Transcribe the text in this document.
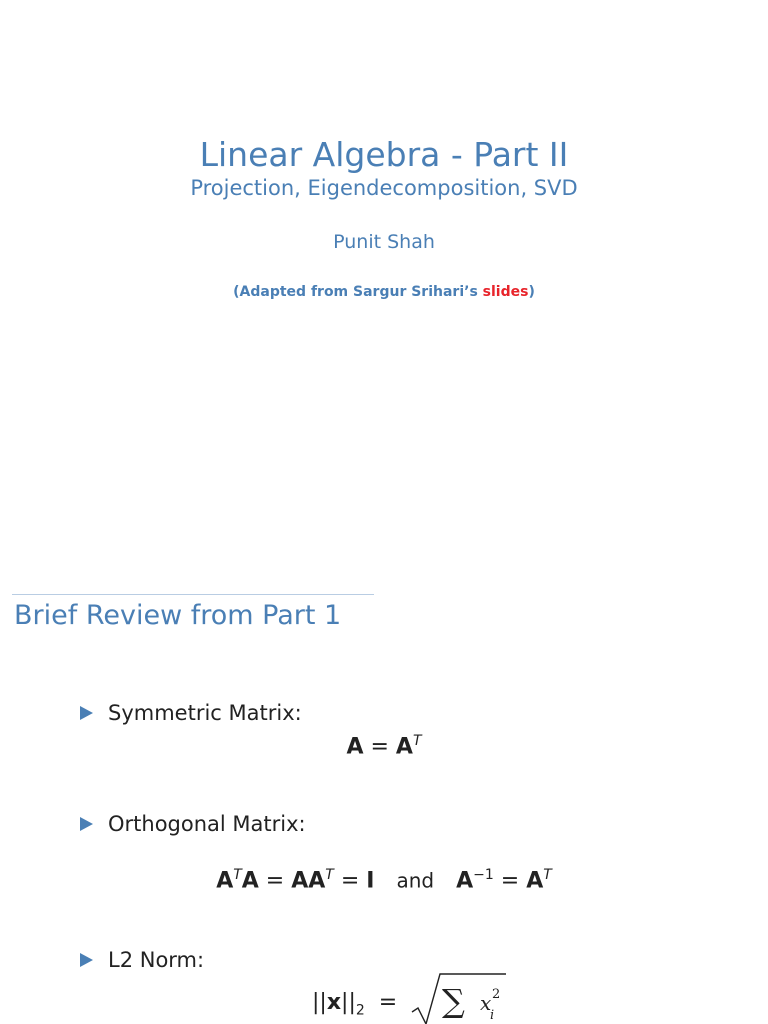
Linear Algebra - Part II
Projection, Eigendecomposition, SVD
Punit Shah
(Adapted from Sargur Srihari’s slides)
Brief Review from Part 1
Symmetric Matrix:
$A = A^T$
Orthogonal Matrix:
$A^TA = AA^T = I$ and $A^{-1} = A^T$
L2 Norm:
$||x||_2$  = ∑ x 2
i
